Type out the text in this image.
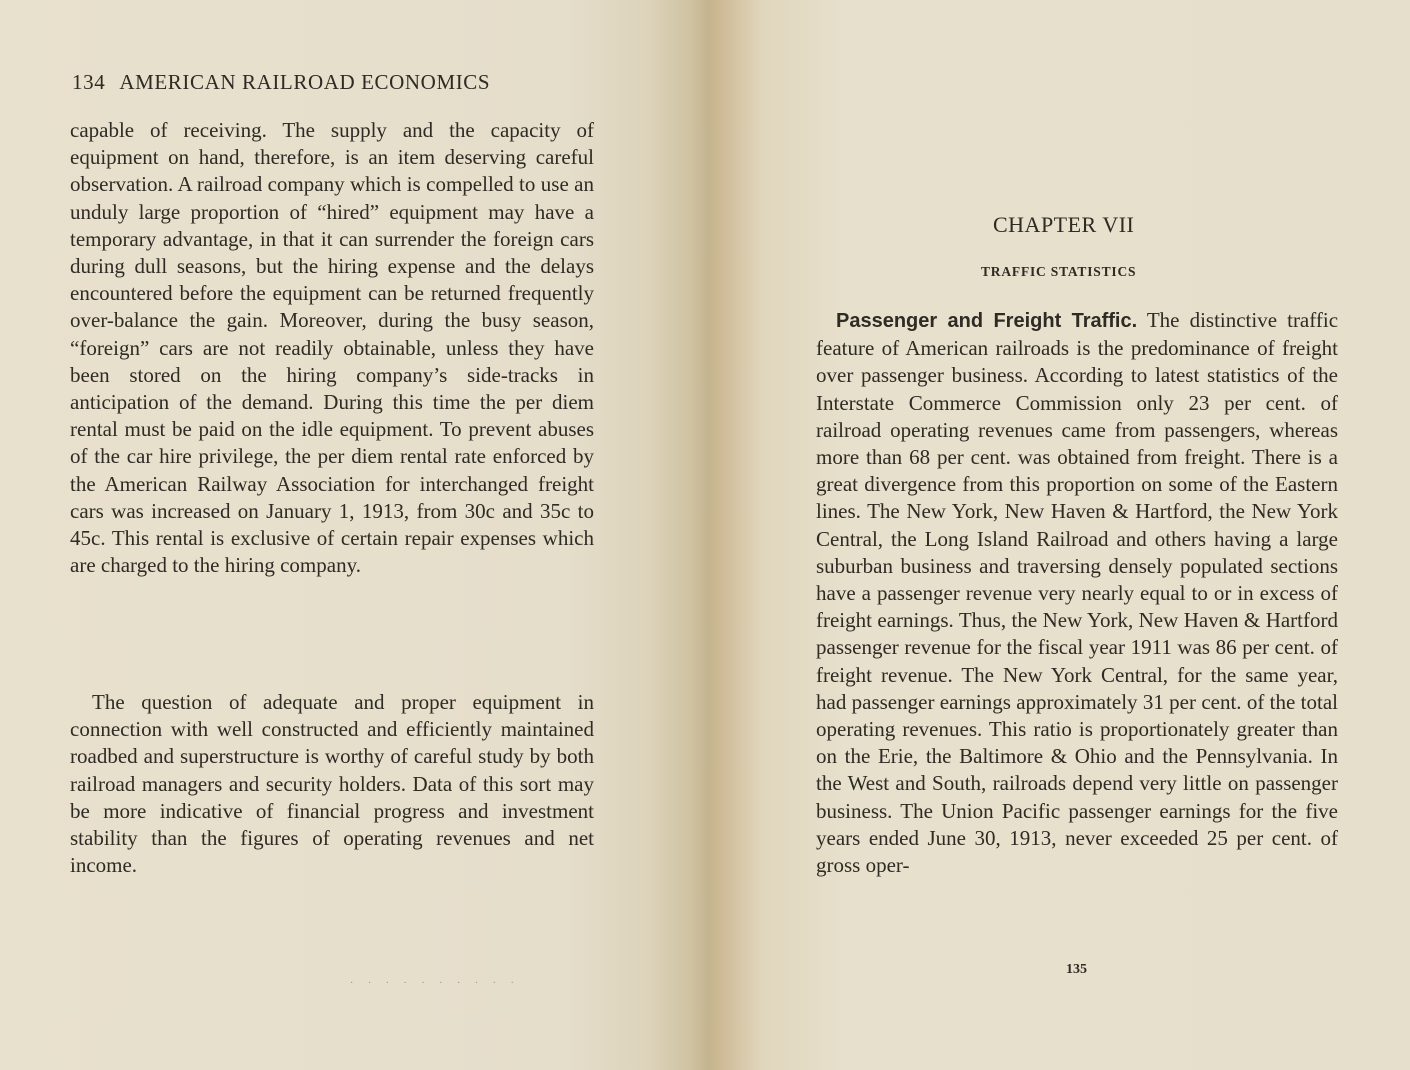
134 AMERICAN RAILROAD ECONOMICS

capable of receiving. The supply and the capacity of equipment on hand, therefore, is an item deserving careful observation. A railroad company which is compelled to use an unduly large proportion of “hired” equipment may have a temporary advantage, in that it can surrender the foreign cars during dull seasons, but the hiring expense and the delays encountered before the equipment can be returned frequently over-balance the gain. Moreover, during the busy season, “foreign” cars are not readily obtainable, unless they have been stored on the hiring company’s side-tracks in anticipation of the demand. During this time the per diem rental must be paid on the idle equipment. To prevent abuses of the car hire privilege, the per diem rental rate enforced by the American Railway Association for interchanged freight cars was increased on January 1, 1913, from 30c and 35c to 45c. This rental is exclusive of certain repair expenses which are charged to the hiring company.

The question of adequate and proper equipment in connection with well constructed and efficiently maintained roadbed and superstructure is worthy of careful study by both railroad managers and security holders. Data of this sort may be more indicative of financial progress and investment stability than the figures of operating revenues and net income.

· · · · · · · · · ·
CHAPTER VII
TRAFFIC STATISTICS

Passenger and Freight Traffic. The distinctive traffic feature of American railroads is the predominance of freight over passenger business. According to latest statistics of the Interstate Commerce Commission only 23 per cent. of railroad operating revenues came from passengers, whereas more than 68 per cent. was obtained from freight. There is a great divergence from this proportion on some of the Eastern lines. The New York, New Haven & Hartford, the New York Central, the Long Island Railroad and others having a large suburban business and traversing densely populated sections have a passenger revenue very nearly equal to or in excess of freight earnings. Thus, the New York, New Haven & Hartford passenger revenue for the fiscal year 1911 was 86 per cent. of freight revenue. The New York Central, for the same year, had passenger earnings approximately 31 per cent. of the total operating revenues. This ratio is proportionately greater than on the Erie, the Baltimore & Ohio and the Pennsylvania. In the West and South, railroads depend very little on passenger business. The Union Pacific passenger earnings for the five years ended June 30, 1913, never exceeded 25 per cent. of gross oper-

135
